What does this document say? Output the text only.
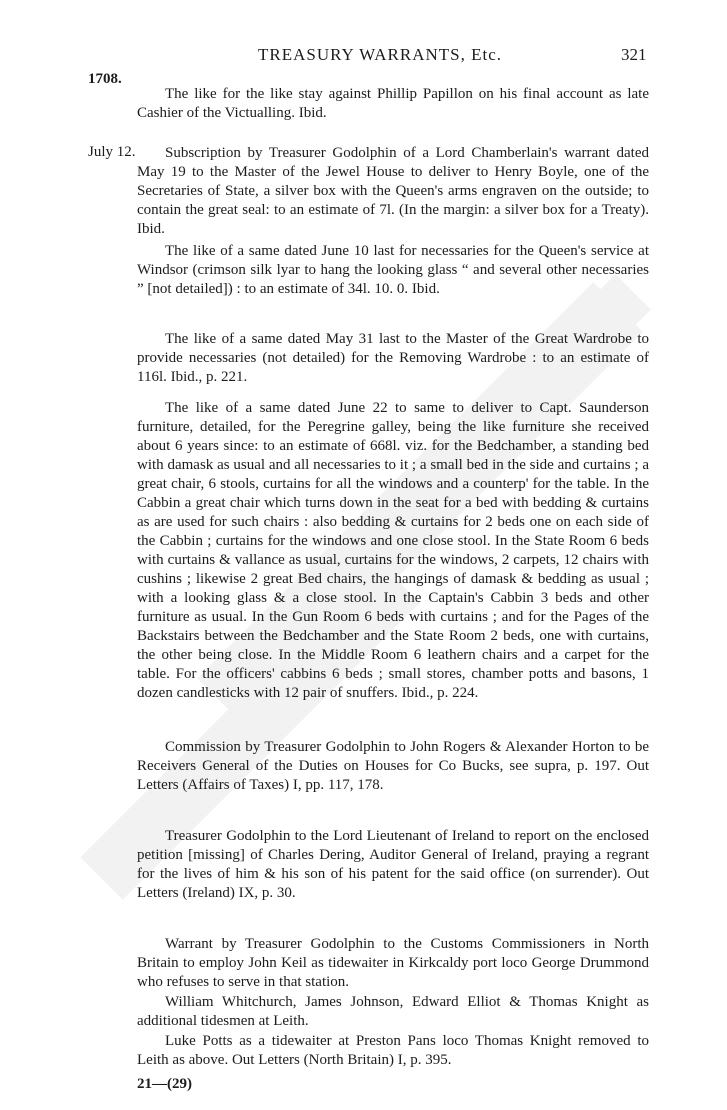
TREASURY WARRANTS, Etc.	321
1708.

The like for the like stay against Phillip Papillon on his final account as late Cashier of the Victualling. Ibid.

July 12.	Subscription by Treasurer Godolphin of a Lord Chamberlain's warrant dated May 19 to the Master of the Jewel House to deliver to Henry Boyle, one of the Secretaries of State, a silver box with the Queen's arms engraven on the outside; to contain the great seal: to an estimate of 7l. (In the margin: a silver box for a Treaty). Ibid.

The like of a same dated June 10 last for necessaries for the Queen's service at Windsor (crimson silk lyar to hang the looking glass “ and several other necessaries ” [not detailed]) : to an estimate of 34l. 10. 0. Ibid.

The like of a same dated May 31 last to the Master of the Great Wardrobe to provide necessaries (not detailed) for the Removing Wardrobe : to an estimate of 116l. Ibid., p. 221.

The like of a same dated June 22 to same to deliver to Capt. Saunderson furniture, detailed, for the Peregrine galley, being the like furniture she received about 6 years since: to an estimate of 668l. viz. for the Bedchamber, a standing bed with damask as usual and all necessaries to it ; a small bed in the side and curtains ; a great chair, 6 stools, curtains for all the windows and a counterp' for the table. In the Cabbin a great chair which turns down in the seat for a bed with bedding & curtains as are used for such chairs : also bedding & curtains for 2 beds one on each side of the Cabbin ; curtains for the windows and one close stool. In the State Room 6 beds with curtains & vallance as usual, curtains for the windows, 2 carpets, 12 chairs with cushins ; likewise 2 great Bed chairs, the hangings of damask & bedding as usual ; with a looking glass & a close stool. In the Captain's Cabbin 3 beds and other furniture as usual. In the Gun Room 6 beds with curtains ; and for the Pages of the Backstairs between the Bedchamber and the State Room 2 beds, one with curtains, the other being close. In the Middle Room 6 leathern chairs and a carpet for the table. For the officers' cabbins 6 beds ; small stores, chamber potts and basons, 1 dozen candlesticks with 12 pair of snuffers. Ibid., p. 224.

Commission by Treasurer Godolphin to John Rogers & Alexander Horton to be Receivers General of the Duties on Houses for Co Bucks, see supra, p. 197. Out Letters (Affairs of Taxes) I, pp. 117, 178.

Treasurer Godolphin to the Lord Lieutenant of Ireland to report on the enclosed petition [missing] of Charles Dering, Auditor General of Ireland, praying a regrant for the lives of him & his son of his patent for the said office (on surrender). Out Letters (Ireland) IX, p. 30.

Warrant by Treasurer Godolphin to the Customs Commissioners in North Britain to employ John Keil as tidewaiter in Kirkcaldy port loco George Drummond who refuses to serve in that station.

William Whitchurch, James Johnson, Edward Elliot & Thomas Knight as additional tidesmen at Leith.

Luke Potts as a tidewaiter at Preston Pans loco Thomas Knight removed to Leith as above. Out Letters (North Britain) I, p. 395.

21—(29)
